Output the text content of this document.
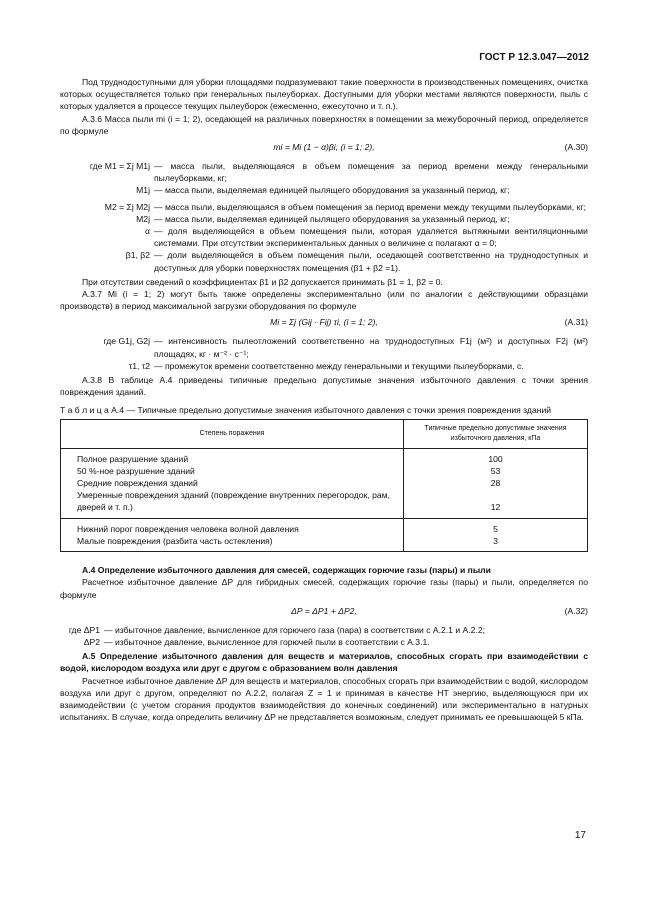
ГОСТ Р 12.3.047—2012

Под труднодоступными для уборки площадями подразумевают такие поверхности в производственных помещениях, очистка которых осуществляется только при генеральных пылеуборках. Доступными для уборки местами являются поверхности, пыль с которых удаляется в процессе текущих пылеуборок (ежесменно, ежесуточно и т. п.).

А.3.6 Масса пыли mi (i = 1; 2), оседающей на различных поверхностях в помещении за межуборочный период, определяется по формуле

mi = Mi (1 − α)βi, (i = 1; 2),	(А.30)
где M1 = Σj M1j — масса пыли, выделяющаяся в объем помещения за период времени между генеральными пылеуборками, кг;
M1j — масса пыли, выделяемая единицей пылящего оборудования за указанный период, кг;
M2 = Σj M2j — масса пыли, выделяющаяся в объем помещения за период времени между текущими пылеуборками, кг;
M2j — масса пыли, выделяемая единицей пылящего оборудования за указанный период, кг;
α — доля выделяющейся в объем помещения пыли, которая удаляется вытяжными вентиляционными системами. При отсутствии экспериментальных данных о величине α полагают α = 0;
β1, β2 — доли выделяющейся в объем помещения пыли, оседающей соответственно на труднодоступных и доступных для уборки поверхностях помещения (β1 + β2 =1).

При отсутствии сведений о коэффициентах β1 и β2 допускается принимать β1 = 1, β2 = 0.

А.3.7 Mi (i = 1; 2) могут быть также определены экспериментально (или по аналогии с действующими образцами производств) в период максимальной загрузки оборудования по формуле

Mi = Σj (Gij · Fij) τi, (i = 1; 2),	(А.31)
где G1j, G2j — интенсивность пылеотложений соответственно на труднодоступных F1j (м²) и доступных F2j (м²) площадях, кг · м⁻² · с⁻¹;
τ1, τ2 — промежуток времени соответственно между генеральными и текущими пылеуборками, с.

А.3.8 В таблице А.4 приведены типичные предельно допустимые значения избыточного давления с точки зрения повреждения зданий.

Т а б л и ц а А.4 — Типичные предельно допустимые значения избыточного давления с точки зрения повреждения зданий

Степень поражения	Типичные предельно допустимые значения избыточного давления, кПа
Полное разрушение зданий	100
50 %-ное разрушение зданий	53
Средние повреждения зданий	28
Умеренные повреждения зданий (повреждение внутренних перегородок, рам, дверей и т. п.)	12
Нижний порог повреждения человека волной давления	5
Малые повреждения (разбита часть остекления)	3

А.4 Определение избыточного давления для смесей, содержащих горючие газы (пары) и пыли

Расчетное избыточное давление ΔP для гибридных смесей, содержащих горючие газы (пары) и пыли, определяется по формуле

ΔP = ΔP1 + ΔP2,	(А.32)
где ΔP1 — избыточное давление, вычисленное для горючего газа (пара) в соответствии с А.2.1 и А.2.2;
ΔP2 — избыточное давление, вычисленное для горючей пыли в соответствии с А.3.1.

А.5 Определение избыточного давления для веществ и материалов, способных сгорать при взаимодействии с водой, кислородом воздуха или друг с другом с образованием волн давления

Расчетное избыточное давление ΔP для веществ и материалов, способных сгорать при взаимодействии с водой, кислородом воздуха или друг с другом, определяют по А.2.2, полагая Z = 1 и принимая в качестве HT энергию, выделяющуюся при их взаимодействии (с учетом сгорания продуктов взаимодействия до конечных соединений) или экспериментально в натурных испытаниях. В случае, когда определить величину ΔP не представляется возможным, следует принимать ее превышающей 5 кПа.

17
